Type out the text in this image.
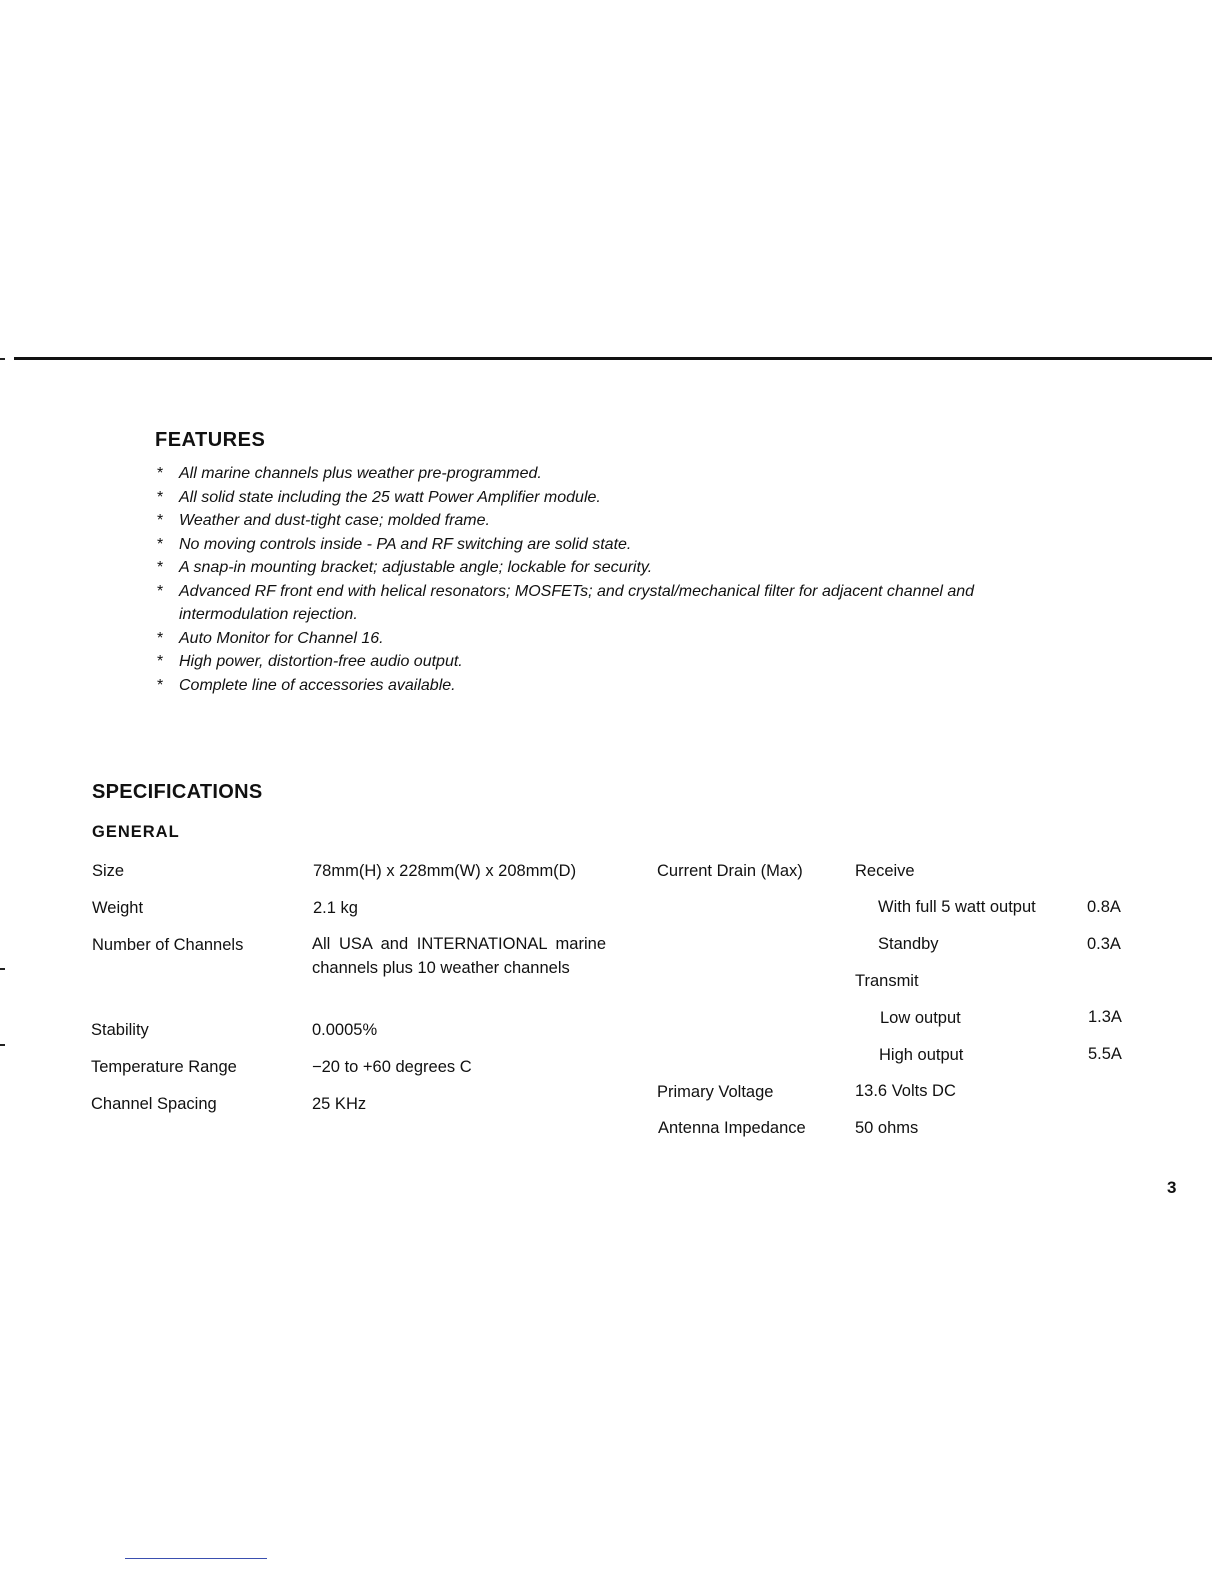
FEATURES
* All marine channels plus weather pre-programmed.
* All solid state including the 25 watt Power Amplifier module.
* Weather and dust-tight case; molded frame.
* No moving controls inside - PA and RF switching are solid state.
* A snap-in mounting bracket; adjustable angle; lockable for security.
* Advanced RF front end with helical resonators; MOSFETs; and crystal/mechanical filter for adjacent channel and intermodulation rejection.
* Auto Monitor for Channel 16.
* High power, distortion-free audio output.
* Complete line of accessories available.
SPECIFICATIONS
GENERAL
Size	78mm(H) x 228mm(W) x 208mm(D)
Weight	2.1 kg
Number of Channels	All USA and INTERNATIONAL marine channels plus 10 weather channels
Stability	0.0005%
Temperature Range	−20 to +60 degrees C
Channel Spacing	25 KHz
Current Drain (Max)	Receive
With full 5 watt output	0.8A
Standby	0.3A
Transmit
Low output	1.3A
High output	5.5A
Primary Voltage	13.6 Volts DC
Antenna Impedance	50 ohms
3
